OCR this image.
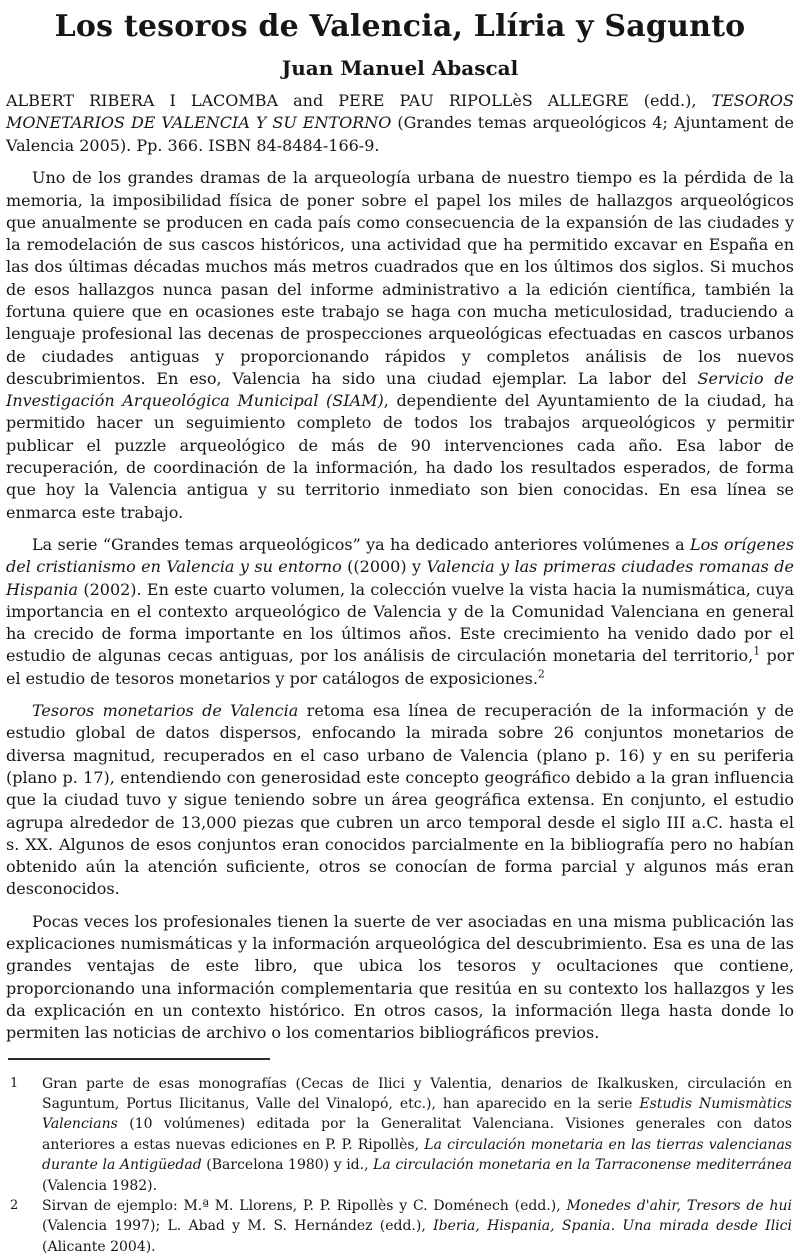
Los tesoros de Valencia, Llíria y Sagunto
Juan Manuel Abascal

ALBERT RIBERA I LACOMBA and PERE PAU RIPOLLèS ALLEGRE (edd.), TESOROS MONETARIOS DE VALENCIA Y SU ENTORNO (Grandes temas arqueológicos 4; Ajuntament de Valencia 2005). Pp. 366. ISBN 84-8484-166-9.

Uno de los grandes dramas de la arqueología urbana de nuestro tiempo es la pérdida de la memoria, la imposibilidad física de poner sobre el papel los miles de hallazgos arqueológicos que anualmente se producen en cada país como consecuencia de la expansión de las ciudades y la remodelación de sus cascos históricos, una actividad que ha permitido excavar en España en las dos últimas décadas muchos más metros cuadrados que en los últimos dos siglos. Si muchos de esos hallazgos nunca pasan del informe administrativo a la edición científica, también la fortuna quiere que en ocasiones este trabajo se haga con mucha meticulosidad, traduciendo a lenguaje profesional las decenas de prospecciones arqueológicas efectuadas en cascos urbanos de ciudades antiguas y proporcionando rápidos y completos análisis de los nuevos descubrimientos. En eso, Valencia ha sido una ciudad ejemplar. La labor del Servicio de Investigación Arqueológica Municipal (SIAM), dependiente del Ayuntamiento de la ciudad, ha permitido hacer un seguimiento completo de todos los trabajos arqueológicos y permitir publicar el puzzle arqueológico de más de 90 intervenciones cada año. Esa labor de recuperación, de coordinación de la información, ha dado los resultados esperados, de forma que hoy la Valencia antigua y su territorio inmediato son bien conocidas. En esa línea se enmarca este trabajo.

La serie “Grandes temas arqueológicos” ya ha dedicado anteriores volúmenes a Los orígenes del cristianismo en Valencia y su entorno ((2000) y Valencia y las primeras ciudades romanas de Hispania (2002). En este cuarto volumen, la colección vuelve la vista hacia la numismática, cuya importancia en el contexto arqueológico de Valencia y de la Comunidad Valenciana en general ha crecido de forma importante en los últimos años. Este crecimiento ha venido dado por el estudio de algunas cecas antiguas, por los análisis de circulación monetaria del territorio,$^1$ por el estudio de tesoros monetarios y por catálogos de exposiciones.$^2$

Tesoros monetarios de Valencia retoma esa línea de recuperación de la información y de estudio global de datos dispersos, enfocando la mirada sobre 26 conjuntos monetarios de diversa magnitud, recuperados en el caso urbano de Valencia (plano p. 16) y en su periferia (plano p. 17), entendiendo con generosidad este concepto geográfico debido a la gran influencia que la ciudad tuvo y sigue teniendo sobre un área geográfica extensa. En conjunto, el estudio agrupa alrededor de 13,000 piezas que cubren un arco temporal desde el siglo III a.C. hasta el s. XX. Algunos de esos conjuntos eran conocidos parcialmente en la bibliografía pero no habían obtenido aún la atención suficiente, otros se conocían de forma parcial y algunos más eran desconocidos.

Pocas veces los profesionales tienen la suerte de ver asociadas en una misma publicación las explicaciones numismáticas y la información arqueológica del descubrimiento. Esa es una de las grandes ventajas de este libro, que ubica los tesoros y ocultaciones que contiene, proporcionando una información complementaria que resitúa en su contexto los hallazgos y les da explicación en un contexto histórico. En otros casos, la información llega hasta donde lo permiten las noticias de archivo o los comentarios bibliográficos previos.

1	Gran parte de esas monografías (Cecas de Ilici y Valentia, denarios de Ikalkusken, circulación en Saguntum, Portus Ilicitanus, Valle del Vinalopó, etc.), han aparecido en la serie Estudis Numismàtics Valencians (10 volúmenes) editada por la Generalitat Valenciana. Visiones generales con datos anteriores a estas nuevas ediciones en P. P. Ripollès, La circulación monetaria en las tierras valencianas durante la Antigüedad (Barcelona 1980) y id., La circulación monetaria en la Tarraconense mediterránea (Valencia 1982).
2	Sirvan de ejemplo: M.ª M. Llorens, P. P. Ripollès y C. Doménech (edd.), Monedes d'ahir, Tresors de hui (Valencia 1997); L. Abad y M. S. Hernández (edd.), Iberia, Hispania, Spania. Una mirada desde Ilici (Alicante 2004).
